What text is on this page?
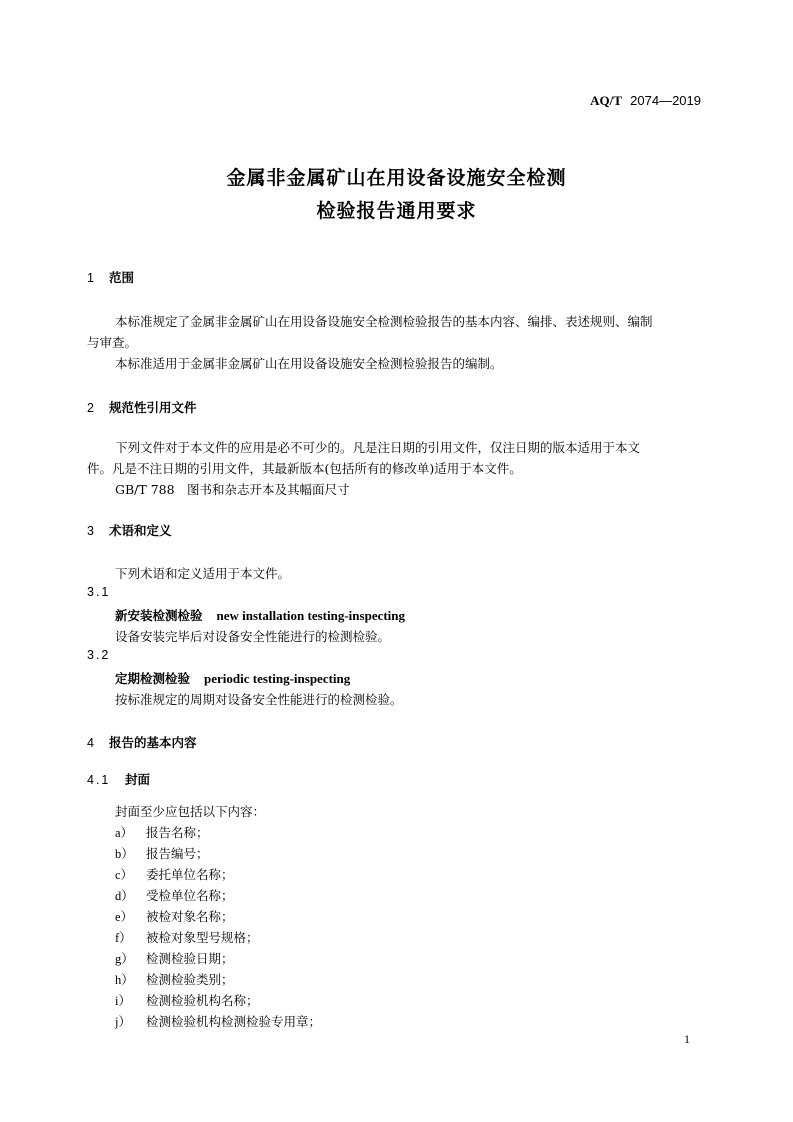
AQ/T 2074—2019
金属非金属矿山在用设备设施安全检测
检验报告通用要求
1 范围
本标准规定了金属非金属矿山在用设备设施安全检测检验报告的基本内容、编排、表述规则、编制
与审查。
本标准适用于金属非金属矿山在用设备设施安全检测检验报告的编制。
2 规范性引用文件
下列文件对于本文件的应用是必不可少的。凡是注日期的引用文件，仅注日期的版本适用于本文
件。凡是不注日期的引用文件，其最新版本(包括所有的修改单)适用于本文件。
GB/T 788　图书和杂志开本及其幅面尺寸
3 术语和定义
下列术语和定义适用于本文件。
3.1
新安装检测检验 new installation testing-inspecting
设备安装完毕后对设备安全性能进行的检测检验。
3.2
定期检测检验 periodic testing-inspecting
按标准规定的周期对设备安全性能进行的检测检验。
4 报告的基本内容
4.1 封面
封面至少应包括以下内容：
a） 报告名称；
b） 报告编号；
c） 委托单位名称；
d） 受检单位名称；
e） 被检对象名称；
f） 被检对象型号规格；
g） 检测检验日期；
h） 检测检验类别；
i） 检测检验机构名称；
j） 检测检验机构检测检验专用章；
1
